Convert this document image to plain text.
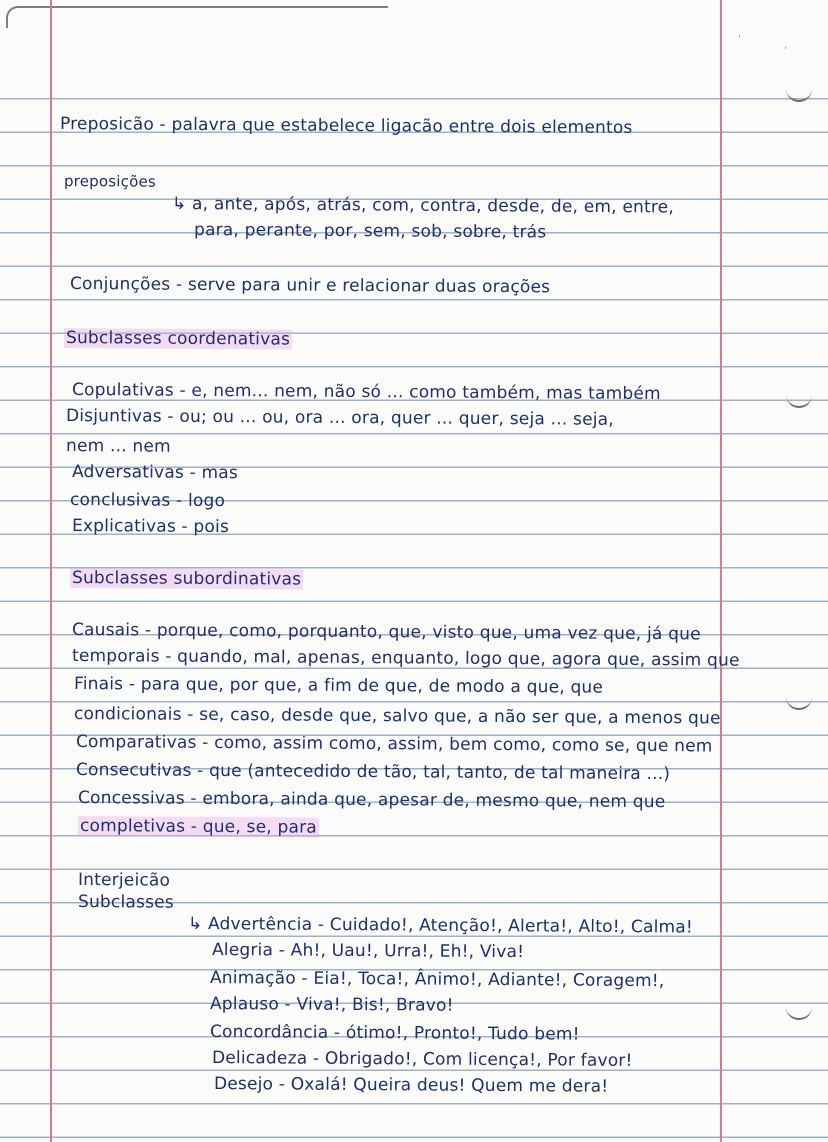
'
,
Preposicão - palavra que estabelece ligacão entre dois elementos
preposições
↳ a, ante, após, atrás, com, contra, desde, de, em, entre,
para, perante, por, sem, sob, sobre, trás
Conjunções - serve para unir e relacionar duas orações
Subclasses coordenativas
Copulativas - e, nem... nem, não só ... como também, mas também
Disjuntivas - ou; ou ... ou, ora ... ora, quer ... quer, seja ... seja,
nem ... nem
Adversativas - mas
conclusivas - logo
Explicativas - pois
Subclasses subordinativas
Causais - porque, como, porquanto, que, visto que, uma vez que, já que
temporais - quando, mal, apenas, enquanto, logo que, agora que, assim que
Finais - para que, por que, a fim de que, de modo a que, que
condicionais - se, caso, desde que, salvo que, a não ser que, a menos que
Comparativas - como, assim como, assim, bem como, como se, que nem
Consecutivas - que (antecedido de tão, tal, tanto, de tal maneira ...)
Concessivas - embora, ainda que, apesar de, mesmo que, nem que
completivas - que, se, para
Interjeicão
Subclasses
↳ Advertência - Cuidado!, Atenção!, Alerta!, Alto!, Calma!
Alegria - Ah!, Uau!, Urra!, Eh!, Viva!
Animação - Eia!, Toca!, Ânimo!, Adiante!, Coragem!,
Aplauso - Viva!, Bis!, Bravo!
Concordância - ótimo!, Pronto!, Tudo bem!
Delicadeza - Obrigado!, Com licença!, Por favor!
Desejo - Oxalá! Queira deus! Quem me dera!
